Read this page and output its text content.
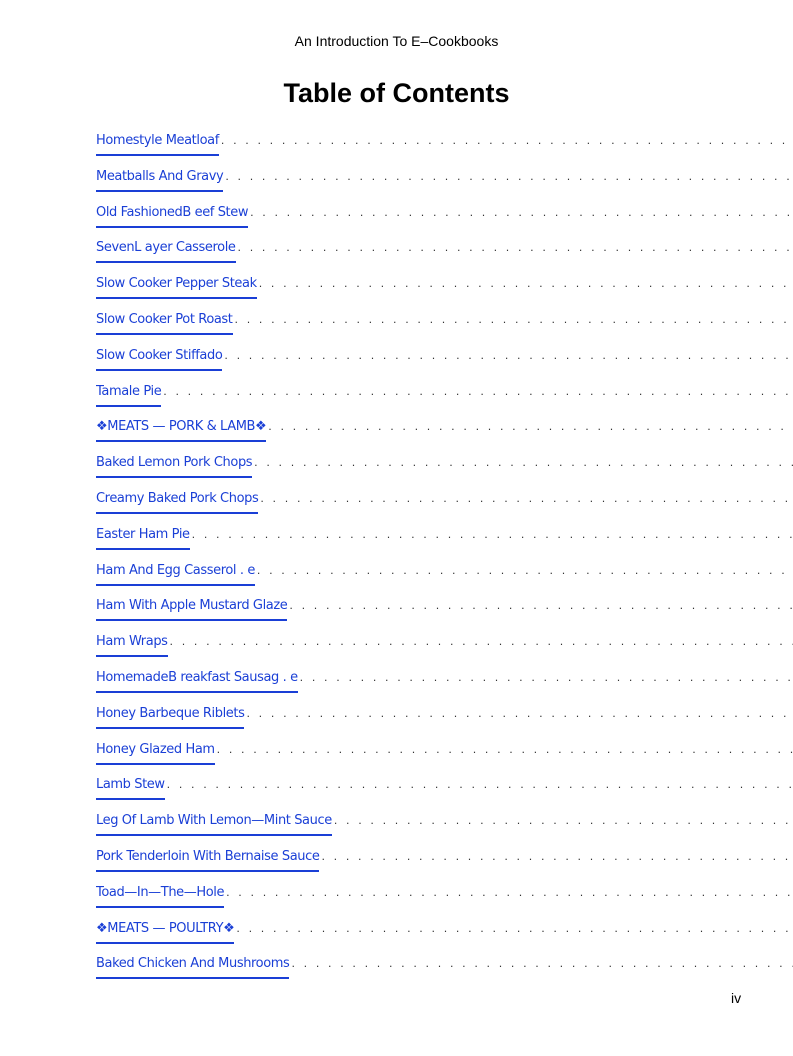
An Introduction To E–Cookbooks
Table of Contents
Homestyle Meatloaf
. . .
Meatballs And Gravy
. . .
Old FashionedB eef Stew
. . .
SevenL ayer Casserole
. . .
Slow Cooker Pepper Steak
. . .
Slow Cooker Pot Roast
. . .
Slow Cooker Stiffado
. . .
Tamale Pie
. . .
❖MEATS — PORK & LAMB❖
. . .
Baked Lemon Pork Chops
. . .
Creamy Baked Pork Chops
. . .
Easter Ham Pie
. . .
Ham And Egg Casserol . e
. . .
Ham With Apple Mustard Glaze
. . .
Ham Wraps
. . .
HomemadeB reakfast Sausag . e
. . .
Honey Barbeque Riblets
. . .
Honey Glazed Ham
. . .
Lamb Stew
. . .
Leg Of Lamb With Lemon—Mint Sauce
. . .
Pork Tenderloin With Bernaise Sauce
. . .
Toad—In—The—Hole
. . .
❖MEATS — POULTRY❖
. . .
Baked Chicken And Mushrooms
. . .
iv
